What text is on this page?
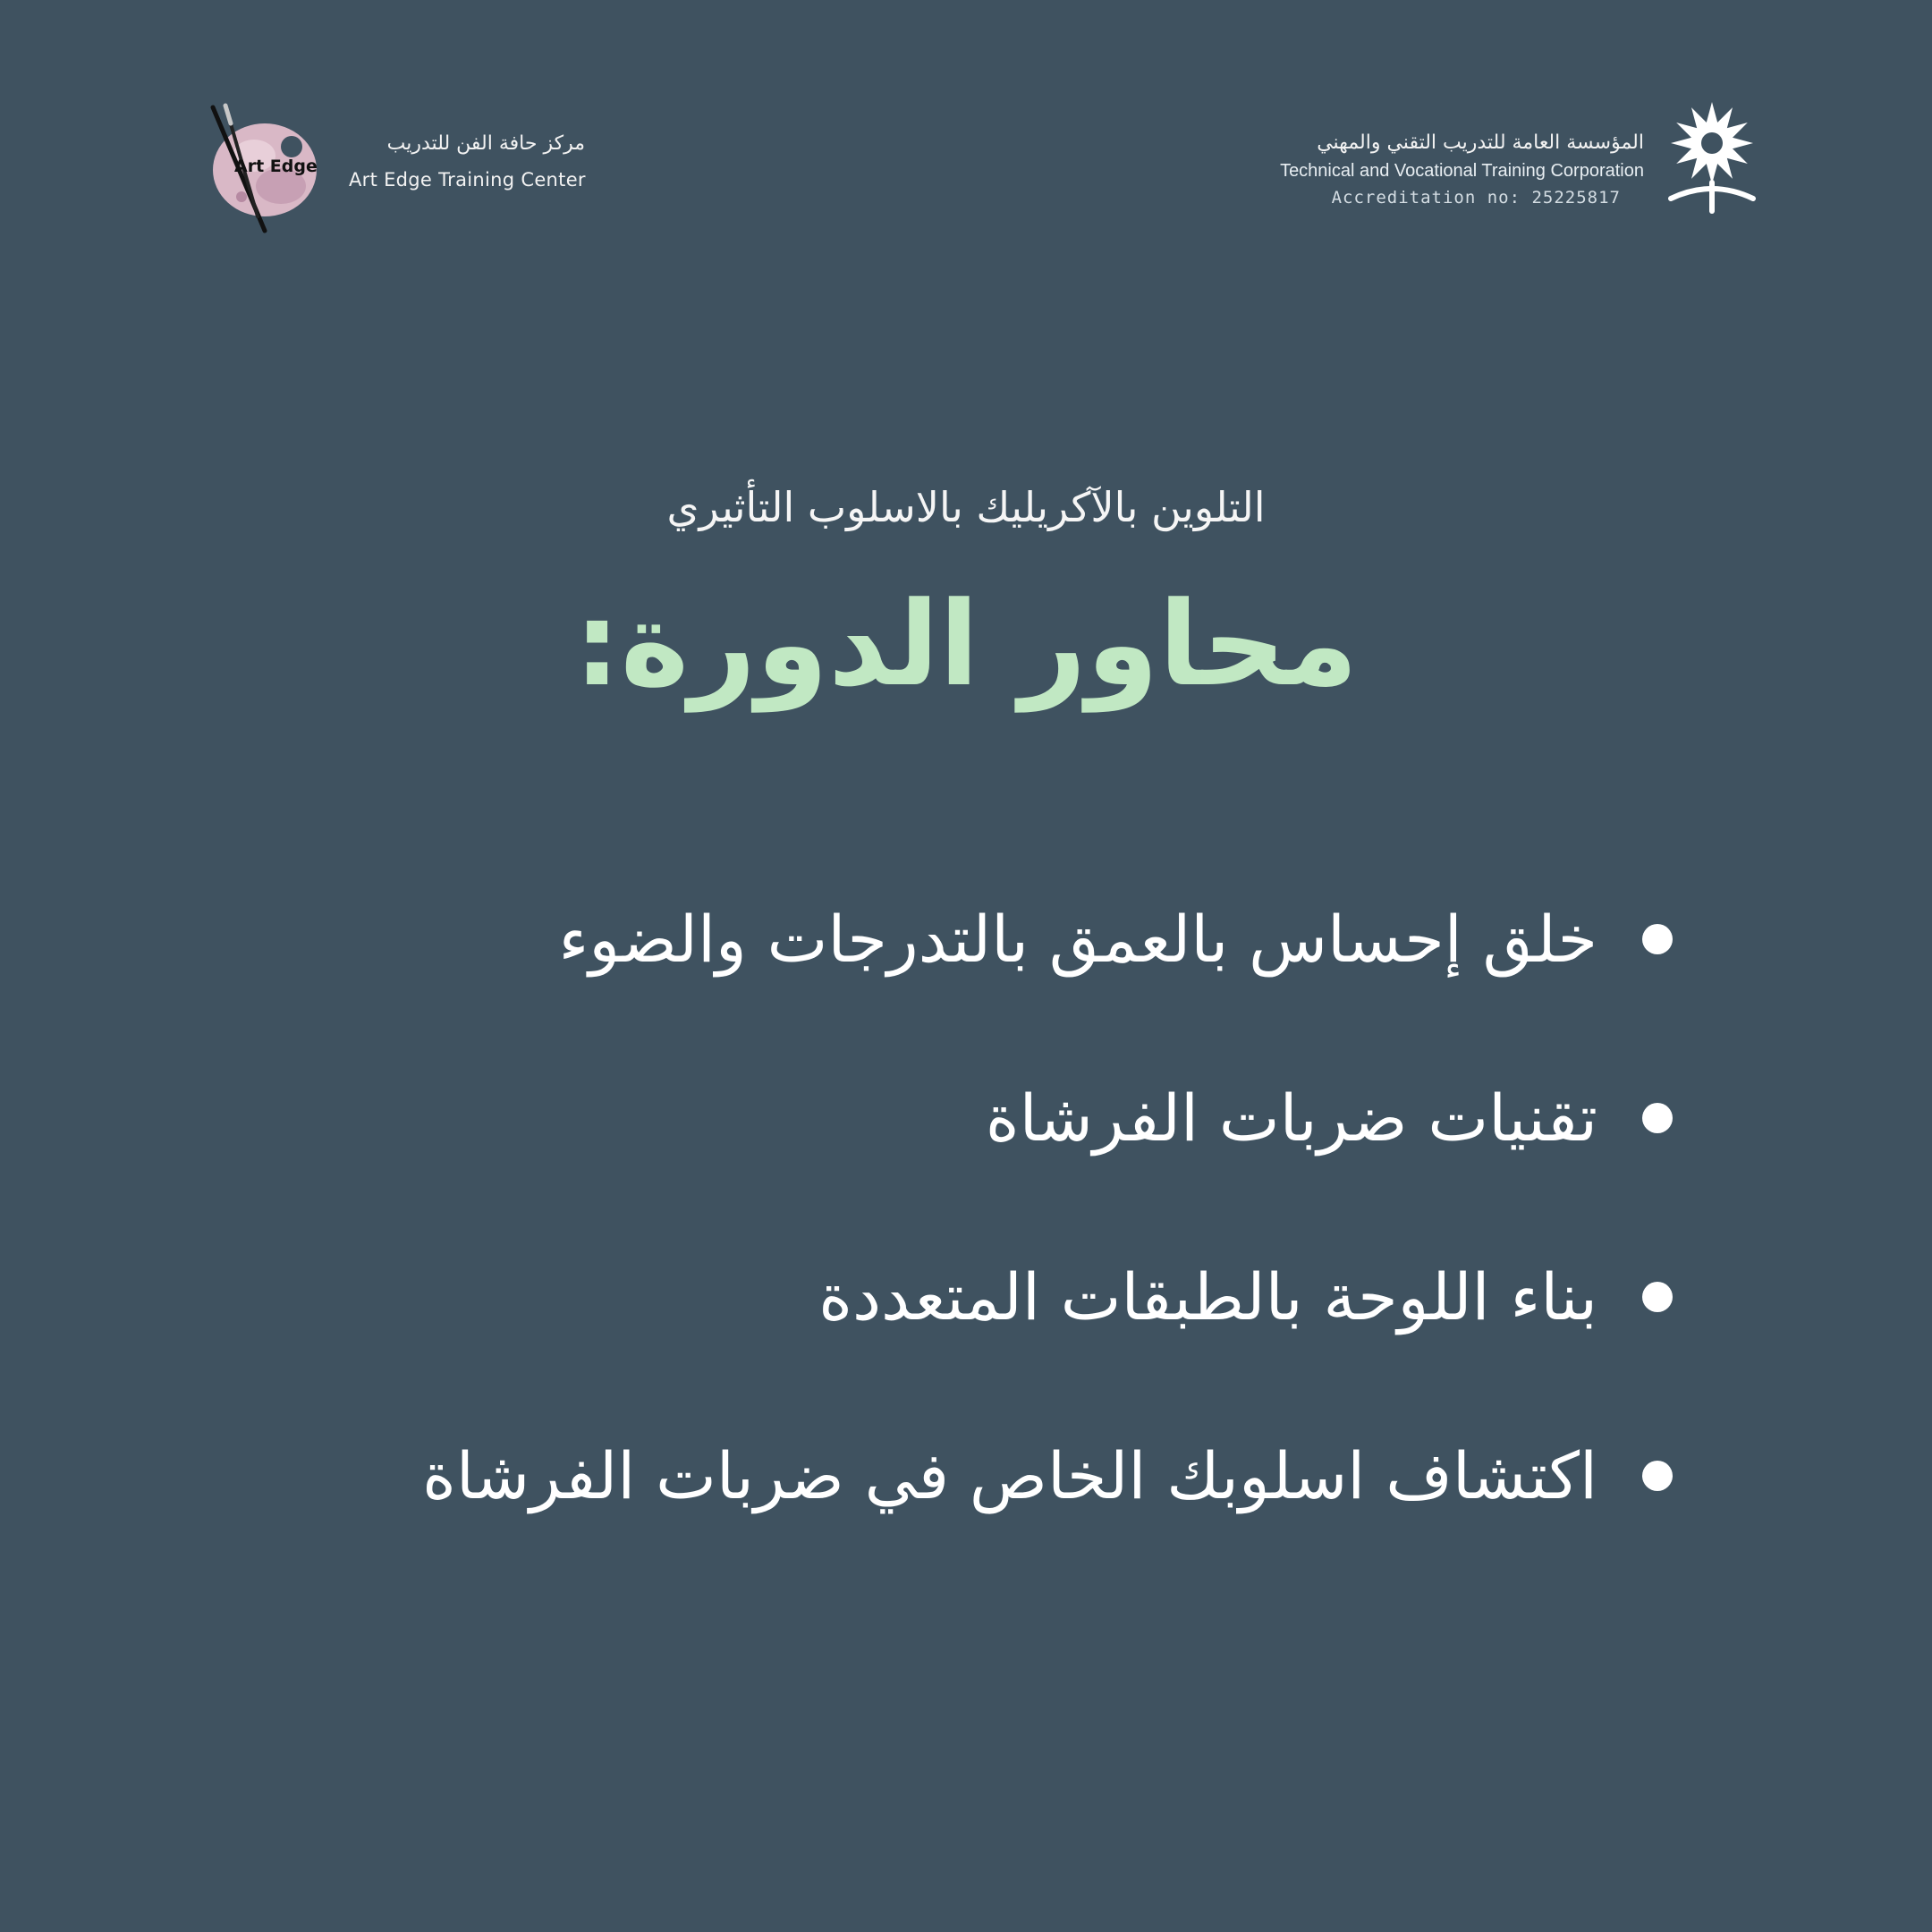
Art Edge
مركز حافة الفن للتدريب
Art Edge Training Center
المؤسسة العامة للتدريب التقني والمهني
Technical and Vocational Training Corporation
Accreditation no: 25225817
التلوين بالآكريليك بالاسلوب التأثيري
محاور الدورة:
خلق إحساس بالعمق بالتدرجات والضوء
تقنيات ضربات الفرشاة
بناء اللوحة بالطبقات المتعددة
اكتشاف اسلوبك الخاص في ضربات الفرشاة
